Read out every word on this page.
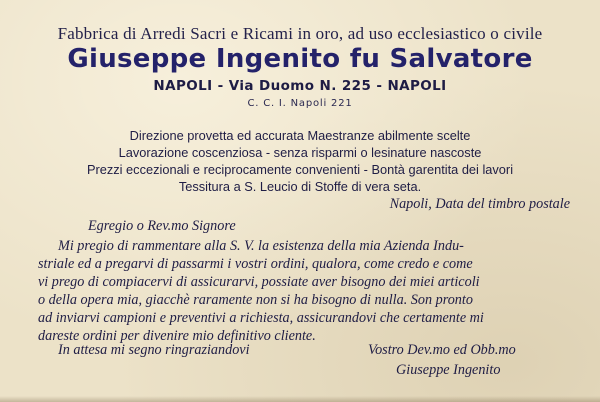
Fabbrica di Arredi Sacri e Ricami in oro, ad uso ecclesiastico o civile
Giuseppe Ingenito fu Salvatore
NAPOLI - Via Duomo N. 225 - NAPOLI
C. C. I. Napoli 221
Direzione provetta ed accurata Maestranze abilmente scelte
Lavorazione coscenziosa - senza risparmi o lesinature nascoste
Prezzi eccezionali e reciprocamente convenienti - Bontà garentita dei lavori
Tessitura a S. Leucio di Stoffe di vera seta.
Napoli, Data del timbro postale
Egregio o Rev.mo Signore
Mi pregio di rammentare alla S. V. la esistenza della mia Azienda Indu-
striale ed a pregarvi di passarmi i vostri ordini, qualora, come credo e come
vi prego di compiacervi di assicurarvi, possiate aver bisogno dei miei articoli
o della opera mia, giacchè raramente non si ha bisogno di nulla. Son pronto
ad inviarvi campioni e preventivi a richiesta, assicurandovi che certamente mi
dareste ordini per divenire mio definitivo cliente.
In attesa mi segno ringraziandovi	Vostro Dev.mo ed Obb.mo
Giuseppe Ingenito
